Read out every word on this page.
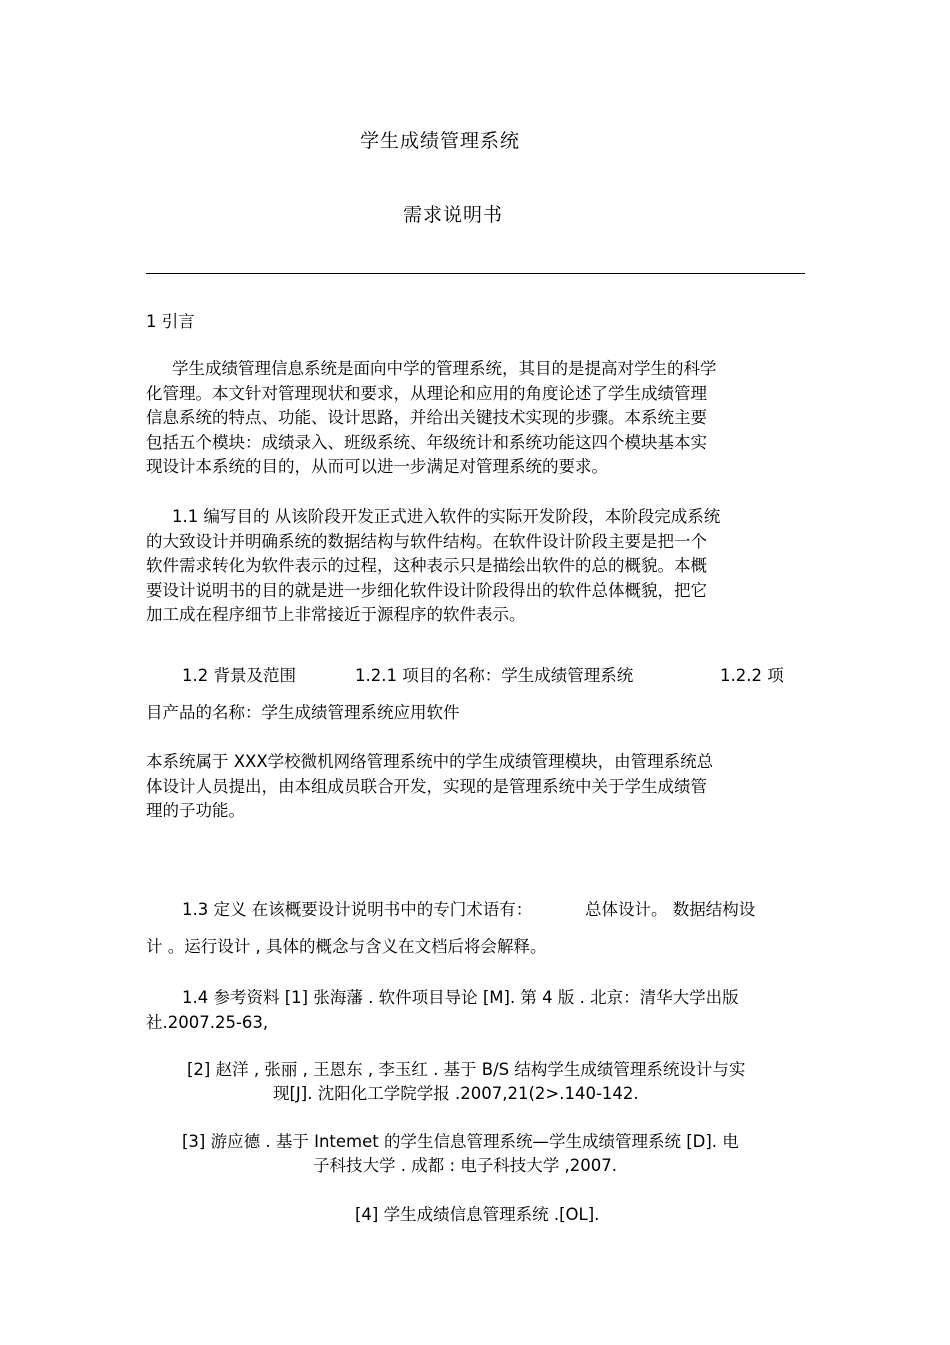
学生成绩管理系统
需求说明书
1 引言
学生成绩管理信息系统是面向中学的管理系统，其目的是提高对学生的科学
化管理。本文针对管理现状和要求，从理论和应用的角度论述了学生成绩管理
信息系统的特点、功能、设计思路，并给出关键技术实现的步骤。本系统主要
包括五个模块：成绩录入、班级系统、年级统计和系统功能这四个模块基本实
现设计本系统的目的，从而可以进一步满足对管理系统的要求。
1.1 编写目的 从该阶段开发正式进入软件的实际开发阶段，本阶段完成系统
的大致设计并明确系统的数据结构与软件结构。在软件设计阶段主要是把一个
软件需求转化为软件表示的过程，这种表示只是描绘出软件的总的概貌。本概
要设计说明书的目的就是进一步细化软件设计阶段得出的软件总体概貌，把它
加工成在程序细节上非常接近于源程序的软件表示。
1.2 背景及范围	1.2.1 项目的名称：学生成绩管理系统	1.2.2 项
目产品的名称：学生成绩管理系统应用软件
本系统属于 XXX学校微机网络管理系统中的学生成绩管理模块，由管理系统总
体设计人员提出，由本组成员联合开发，实现的是管理系统中关于学生成绩管
理的子功能。
1.3 定义 在该概要设计说明书中的专门术语有：	总体设计。 数据结构设
计 。运行设计 , 具体的概念与含义在文档后将会解释。
1.4 参考资料 [1] 张海藩 . 软件项目导论 [M]. 第 4 版 . 北京：清华大学出版
社.2007.25-63,
[2] 赵洋 , 张丽 , 王恩东 , 李玉红 . 基于 B/S 结构学生成绩管理系统设计与实
现[J]. 沈阳化工学院学报 .2007,21(2>.140-142.
[3] 游应德 . 基于 Intemet 的学生信息管理系统—学生成绩管理系统 [D]. 电
子科技大学 . 成都 : 电子科技大学 ,2007.
[4] 学生成绩信息管理系统 .[OL].
